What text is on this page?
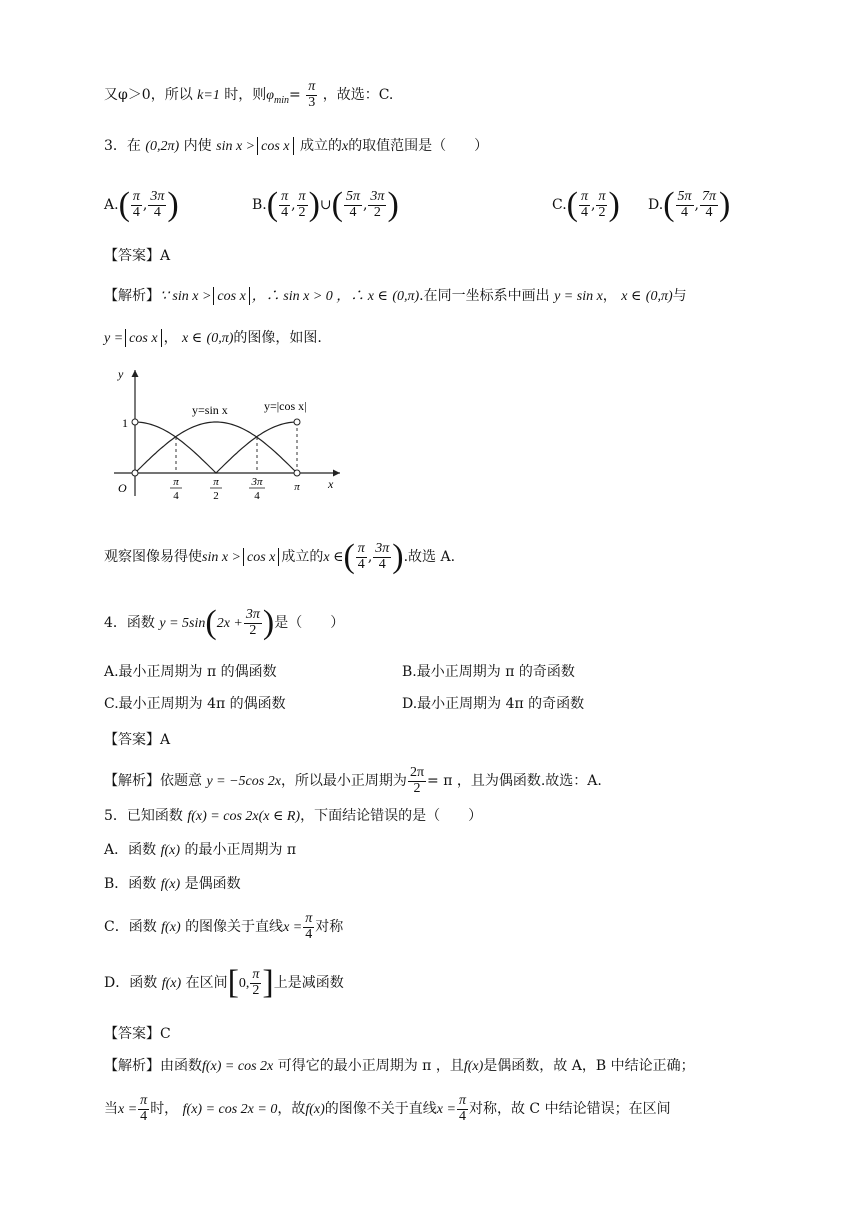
又φ＞0，所以 k=1 时，则$\varphi_{min}= \frac{\pi}{3}$ ，故选：C.
3．在 (0,2π) 内使 sin x > cos x 成立的x的取值范围是（　　）
$A.( \frac{\pi}{4}$ , $\frac{3\pi}{4}$ )	$B.( \frac{\pi}{4}$ , $\frac{\pi}{2}$ )∪( $\frac{5\pi}{4}$ , $\frac{3\pi}{2}$ )	$C.( \frac{\pi}{4}$ , $\frac{\pi}{2}$ ) $D.( \frac{5\pi}{4}$ , $\frac{7\pi}{4}$ )
【答案】A
【解析】∵ sin x > cos x ，∴ sin x > 0 ，∴ x ∈ (0,π).在同一坐标系中画出 y = sin x， x ∈ (0,π)与
y = cos x ， x ∈ (0,π)的图像，如图.
y
x
O
1
y=sin x	y=|cos x|
π
4
π
2
3π
4
π
观察图像易得使sin x > cos x 成立的x ∈( $\frac{\pi}{4}$ , $\frac{3\pi}{4}$ ).故选 A.
4．函数 $y = 5\sin(2x + \frac{3\pi}{2}$ )是（　　）
A.最小正周期为 π 的偶函数	B.最小正周期为 π 的奇函数
C.最小正周期为 4π 的偶函数	D.最小正周期为 4π 的奇函数
【答案】A
【解析】依题意 y = −5cos 2x，所以最小正周期为 $\frac{2\pi}{2} = \pi$ ，且为偶函数.故选：A.
5．已知函数 f(x) = cos 2x(x ∈ R)，下面结论错误的是（　　）
A．函数 f(x) 的最小正周期为 π
B．函数 f(x) 是偶函数
C．函数 f(x) 的图像关于直线$x = \frac{\pi}{4}$ 对称
D．函数 f(x) 在区间[0, $\frac{\pi}{2}$ ]上是减函数
【答案】C
【解析】由函数f(x) = cos 2x 可得它的最小正周期为 π ，且f(x)是偶函数，故 A，B 中结论正确；
当$x = \frac{\pi}{4}$ 时， f(x) = cos 2x = 0，故f(x)的图像不关于直线$x = \frac{\pi}{4}$ 对称，故 C 中结论错误；在区间
